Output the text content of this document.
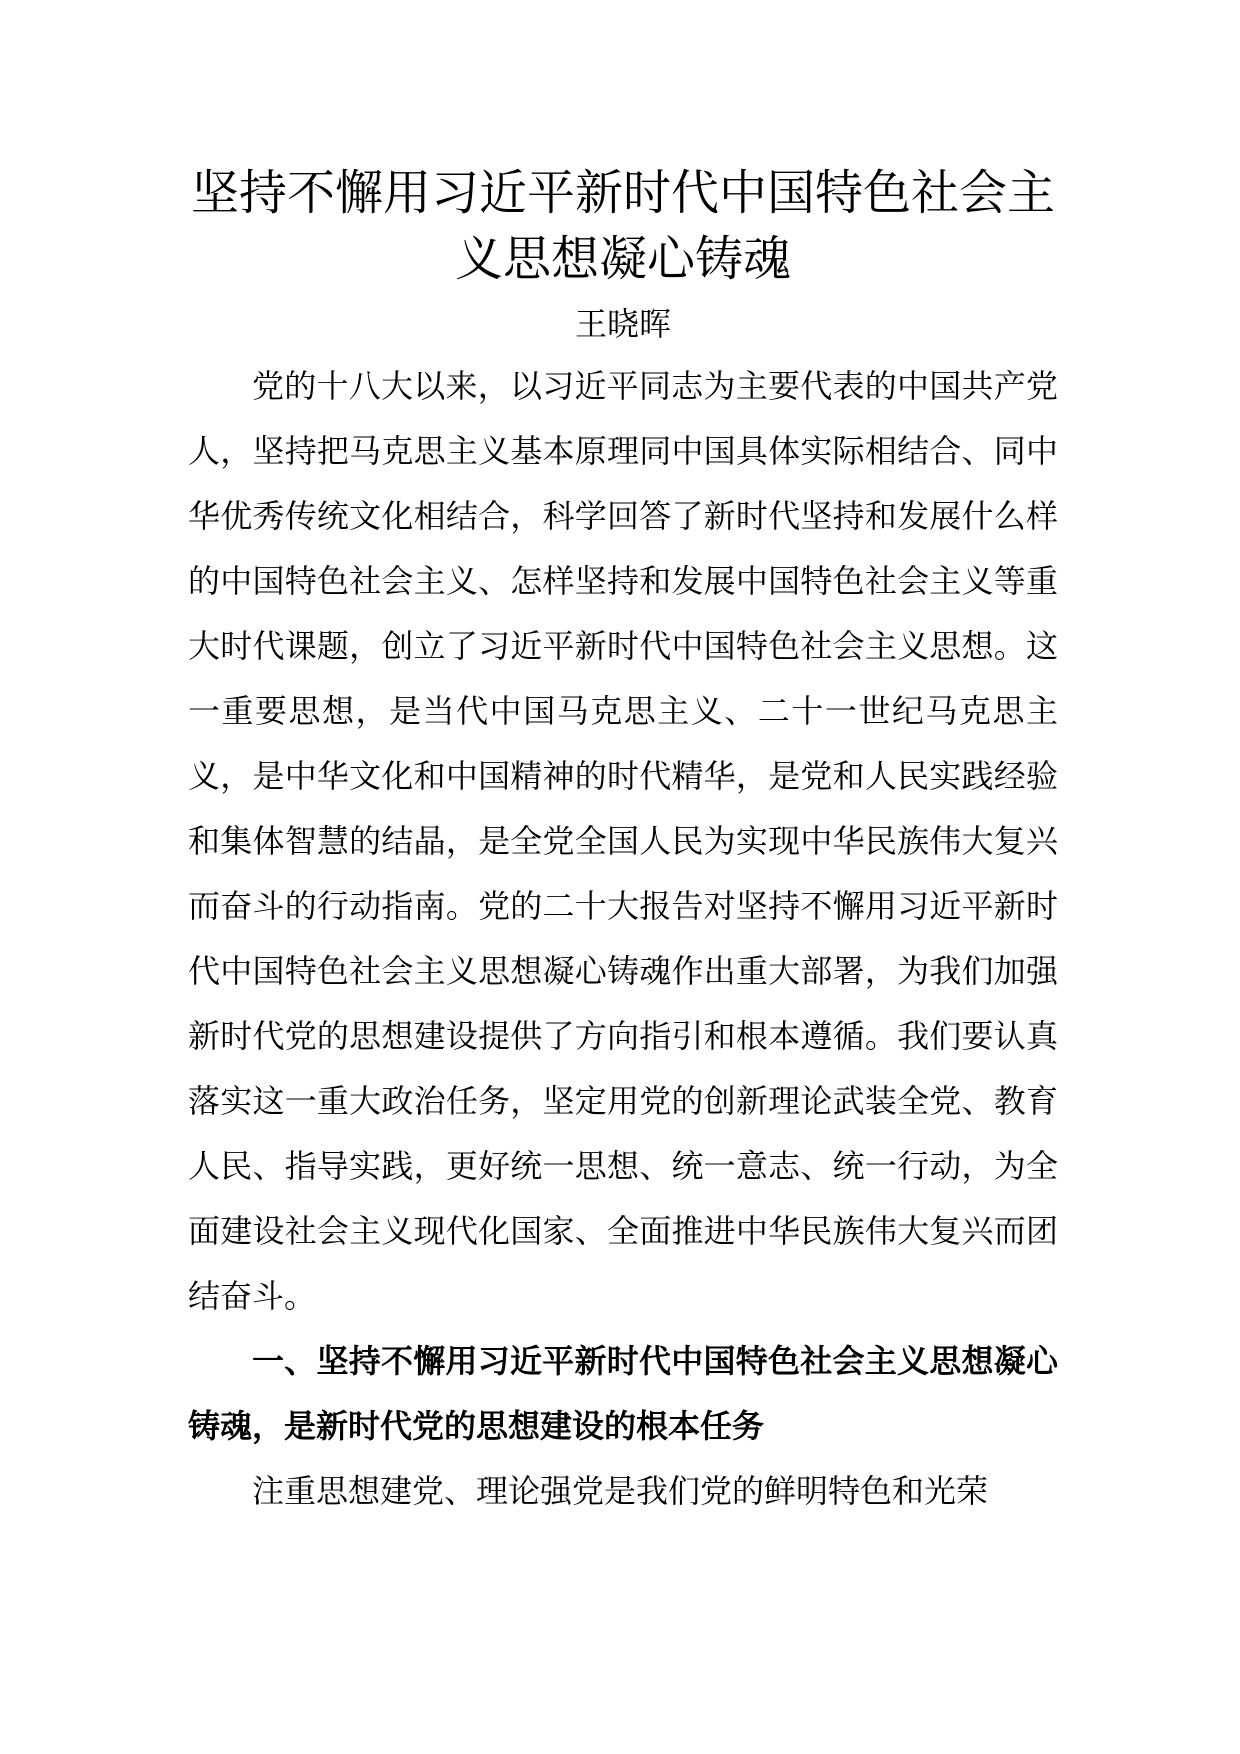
坚持不懈用习近平新时代中国特色社会主义思想凝心铸魂
王晓晖

党的十八大以来，以习近平同志为主要代表的中国共产党人，坚持把马克思主义基本原理同中国具体实际相结合、同中华优秀传统文化相结合，科学回答了新时代坚持和发展什么样的中国特色社会主义、怎样坚持和发展中国特色社会主义等重大时代课题，创立了习近平新时代中国特色社会主义思想。这一重要思想，是当代中国马克思主义、二十一世纪马克思主义，是中华文化和中国精神的时代精华，是党和人民实践经验和集体智慧的结晶，是全党全国人民为实现中华民族伟大复兴而奋斗的行动指南。党的二十大报告对坚持不懈用习近平新时代中国特色社会主义思想凝心铸魂作出重大部署，为我们加强新时代党的思想建设提供了方向指引和根本遵循。我们要认真落实这一重大政治任务，坚定用党的创新理论武装全党、教育人民、指导实践，更好统一思想、统一意志、统一行动，为全面建设社会主义现代化国家、全面推进中华民族伟大复兴而团结奋斗。

一、坚持不懈用习近平新时代中国特色社会主义思想凝心铸魂，是新时代党的思想建设的根本任务

注重思想建党、理论强党是我们党的鲜明特色和光荣
